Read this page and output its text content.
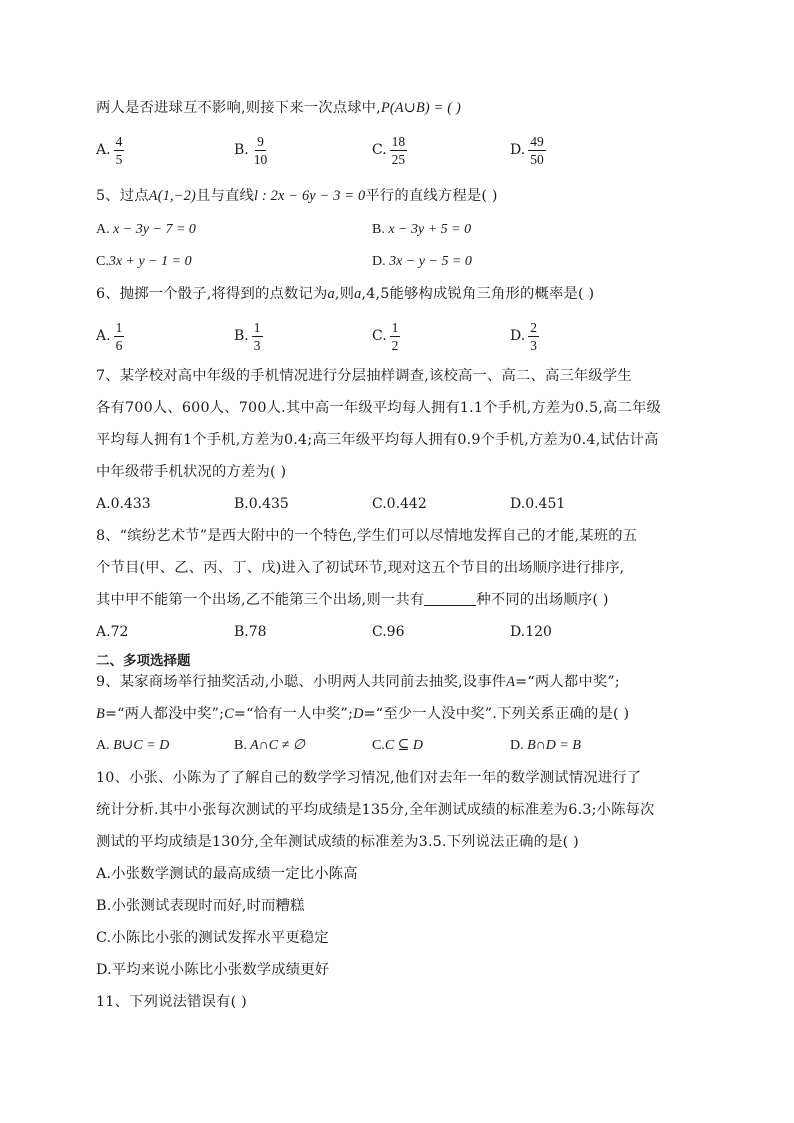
两人是否进球互不影响,则接下来一次点球中,P(A∪B) = ( )
A. $\frac{4}{5}$	B. $\frac{9}{10}$	C. $\frac{18}{25}$	D. $\frac{49}{50}$
5、过点A(1,−2)且与直线l : 2x − 6y − 3 = 0平行的直线方程是( )
A. x − 3y − 7 = 0	B. x − 3y + 5 = 0
C.3x + y − 1 = 0	D. 3x − y − 5 = 0
6、抛掷一个骰子,将得到的点数记为a,则a,4,5能够构成锐角三角形的概率是( )
A. $\frac{1}{6}$	B. $\frac{1}{3}$	C. $\frac{1}{2}$	D. $\frac{2}{3}$
7、某学校对高中年级的手机情况进行分层抽样调查,该校高一、高二、高三年级学生
各有700人、600人、700人.其中高一年级平均每人拥有1.1个手机,方差为0.5,高二年级
平均每人拥有1个手机,方差为0.4;高三年级平均每人拥有0.9个手机,方差为0.4,试估计高
中年级带手机状况的方差为( )
A.0.433	B.0.435	C.0.442	D.0.451
8、“缤纷艺术节”是西大附中的一个特色,学生们可以尽情地发挥自己的才能,某班的五
个节目(甲、乙、丙、丁、戊)进入了初试环节,现对这五个节目的出场顺序进行排序,
其中甲不能第一个出场,乙不能第三个出场,则一共有	种不同的出场顺序( )
A.72	B.78	C.96	D.120
二、多项选择题
9、某家商场举行抽奖活动,小聪、小明两人共同前去抽奖,设事件A=“两人都中奖”;
B=“两人都没中奖”;C=“恰有一人中奖”;D=“至少一人没中奖”.下列关系正确的是( )
A. B∪C = D	B. A∩C ≠ ∅	C.C ⊆ D	D. B∩D = B
10、小张、小陈为了了解自己的数学学习情况,他们对去年一年的数学测试情况进行了
统计分析.其中小张每次测试的平均成绩是135分,全年测试成绩的标准差为6.3;小陈每次
测试的平均成绩是130分,全年测试成绩的标准差为3.5.下列说法正确的是( )
A.小张数学测试的最高成绩一定比小陈高
B.小张测试表现时而好,时而糟糕
C.小陈比小张的测试发挥水平更稳定
D.平均来说小陈比小张数学成绩更好
11、下列说法错误有( )
